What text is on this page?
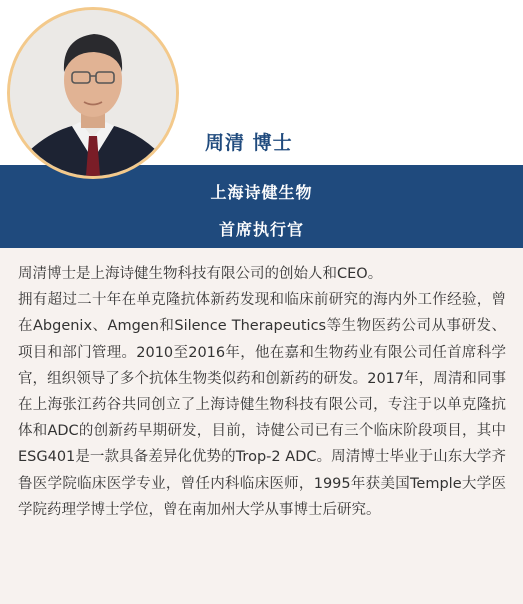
周清 博士
上海诗健生物
首席执行官

周清博士是上海诗健生物科技有限公司的创始人和CEO。

拥有超过二十年在单克隆抗体新药发现和临床前研究的海内外工作经验，曾在Abgenix、Amgen和Silence Therapeutics等生物医药公司从事研发、项目和部门管理。2010至2016年，他在嘉和生物药业有限公司任首席科学官，组织领导了多个抗体生物类似药和创新药的研发。2017年，周清和同事在上海张江药谷共同创立了上海诗健生物科技有限公司，专注于以单克隆抗体和ADC的创新药早期研发，目前，诗健公司已有三个临床阶段项目，其中ESG401是一款具备差异化优势的Trop-2 ADC。周清博士毕业于山东大学齐鲁医学院临床医学专业，曾任内科临床医师，1995年获美国Temple大学医学院药理学博士学位，曾在南加州大学从事博士后研究。
